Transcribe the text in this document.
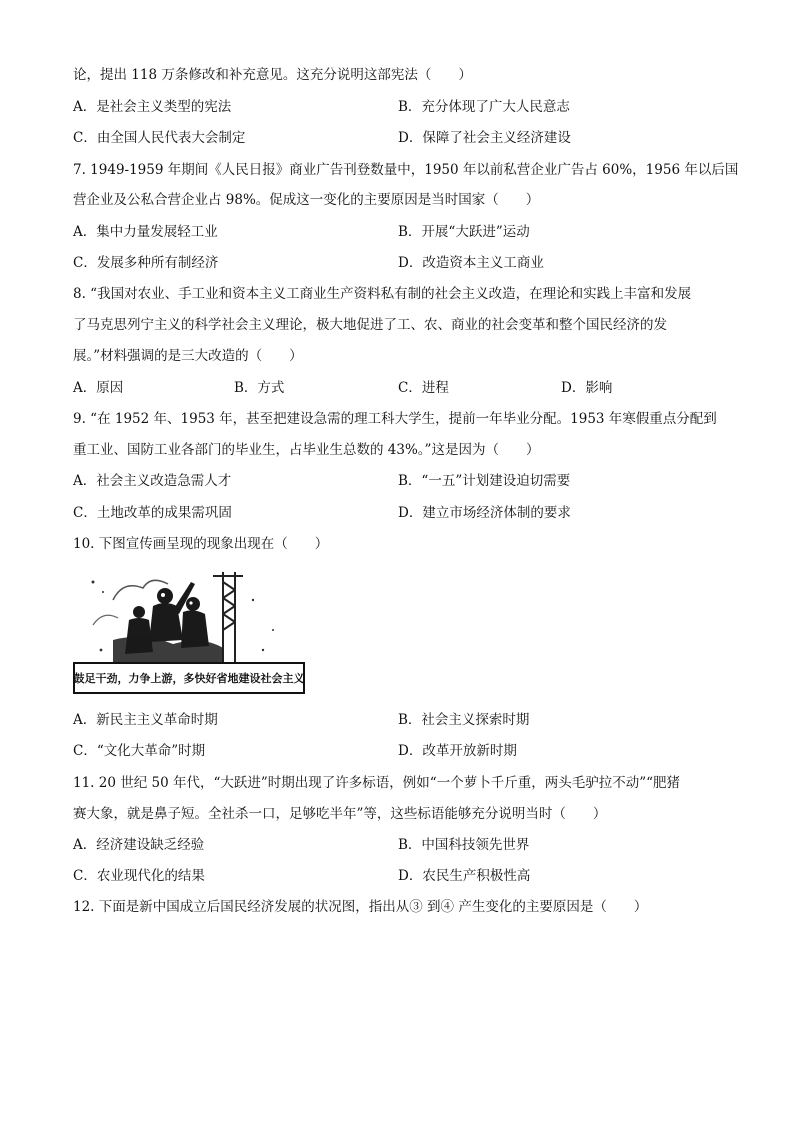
论，提出 118 万条修改和补充意见。这充分说明这部宪法（　　）
A．是社会主义类型的宪法	B．充分体现了广大人民意志
C．由全国人民代表大会制定	D．保障了社会主义经济建设
7. 1949-1959 年期间《人民日报》商业广告刊登数量中，1950 年以前私营企业广告占 60%，1956 年以后国
营企业及公私合营企业占 98%。促成这一变化的主要原因是当时国家（　　）
A．集中力量发展轻工业	B．开展“大跃进”运动
C．发展多种所有制经济	D．改造资本主义工商业
8. “我国对农业、手工业和资本主义工商业生产资料私有制的社会主义改造，在理论和实践上丰富和发展
了马克思列宁主义的科学社会主义理论，极大地促进了工、农、商业的社会变革和整个国民经济的发
展。”材料强调的是三大改造的（　　）
A．原因	B．方式	C．进程	D．影响
9. “在 1952 年、1953 年，甚至把建设急需的理工科大学生，提前一年毕业分配。1953 年寒假重点分配到
重工业、国防工业各部门的毕业生，占毕业生总数的 43%。”这是因为（　　）
A．社会主义改造急需人才	B．“一五”计划建设迫切需要
C．土地改革的成果需巩固	D．建立市场经济体制的要求
10. 下图宣传画呈现的现象出现在（　　）
鼓足干劲，力争上游，多快好省地建设社会主义
A．新民主主义革命时期	B．社会主义探索时期
C．“文化大革命”时期	D．改革开放新时期
11. 20 世纪 50 年代，“大跃进”时期出现了许多标语，例如“一个萝卜千斤重，两头毛驴拉不动”“肥猪
赛大象，就是鼻子短。全社杀一口，足够吃半年”等，这些标语能够充分说明当时（　　）
A．经济建设缺乏经验	B．中国科技领先世界
C．农业现代化的结果	D．农民生产积极性高
12. 下面是新中国成立后国民经济发展的状况图，指出从③ 到④ 产生变化的主要原因是（　　）
